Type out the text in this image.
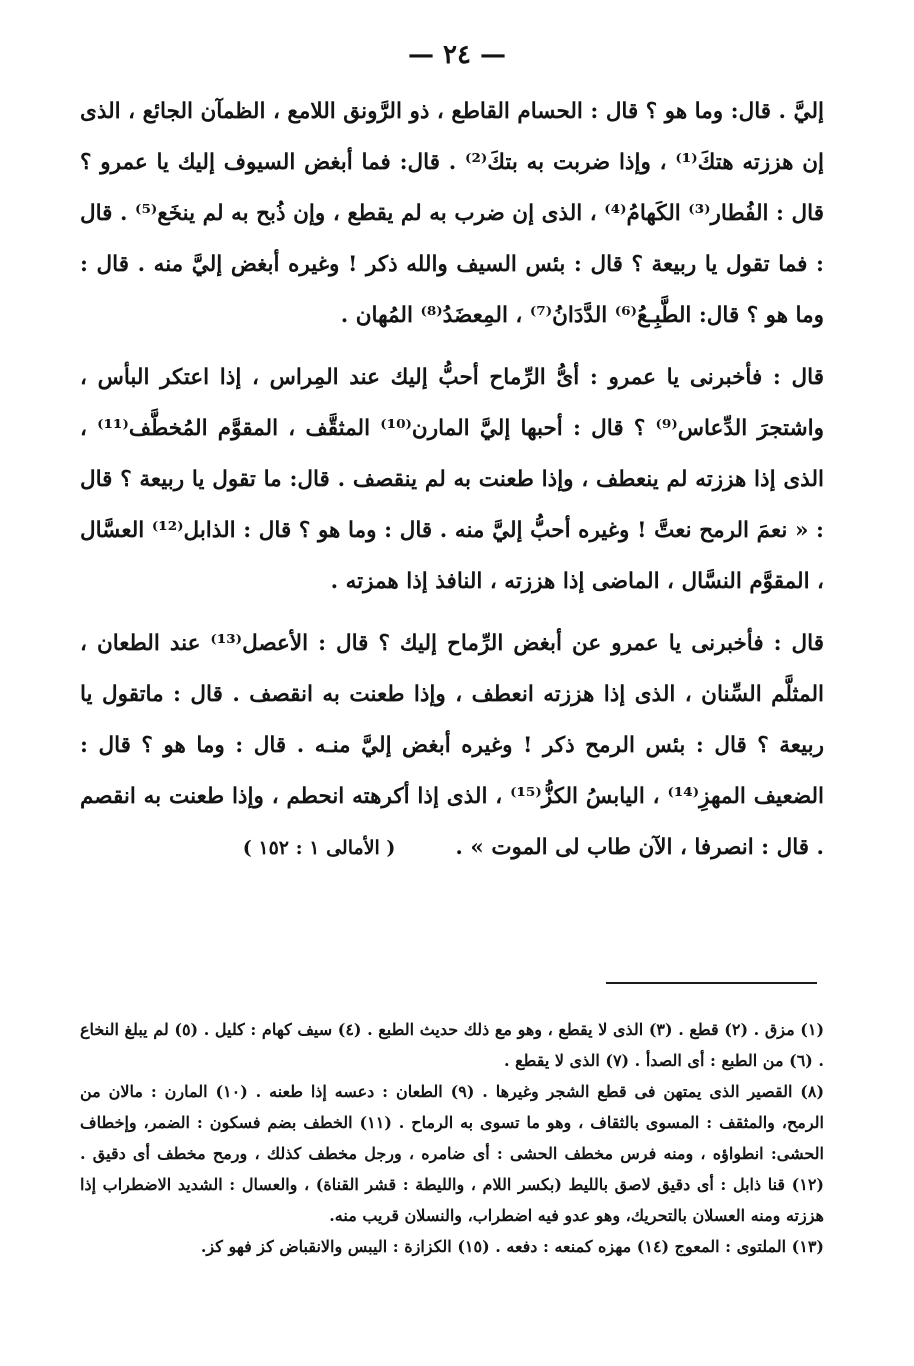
— ٢٤ —

إليَّ . قال: وما هو ؟ قال : الحسام القاطع ، ذو الرَّونق اللامع ، الظمآن الجائع ، الذى إن هززته هتكَ⁽¹⁾ ، وإذا ضربت به بتكَ⁽²⁾ . قال: فما أبغض السيوف إليك يا عمرو ؟ قال : الفُطار⁽³⁾ الكَهامُ⁽⁴⁾ ، الذى إن ضرب به لم يقطع ، وإن ذُبح به لم ينخَع⁽⁵⁾ . قال : فما تقول يا ربيعة ؟ قال : بئس السيف والله ذكر ! وغيره أبغض إليَّ منه . قال : وما هو ؟ قال: الطَّبِـعُ⁽⁶⁾ الدَّدَانُ⁽⁷⁾ ، المِعضَدُ⁽⁸⁾ المُهان .

قال : فأخبرنى يا عمرو : أىُّ الرِّماح أحبُّ إليك عند المِراس ، إذا اعتكر البأس ، واشتجرَ الدِّعاس⁽⁹⁾ ؟ قال : أحبها إليَّ المارن⁽¹⁰⁾ المثقَّف ، المقوَّم المُخطَّف⁽¹¹⁾ ، الذى إذا هززته لم ينعطف ، وإذا طعنت به لم ينقصف . قال: ما تقول يا ربيعة ؟ قال : « نعمَ الرمح نعتَّ ! وغيره أحبُّ إليَّ منه . قال : وما هو ؟ قال : الذابل⁽¹²⁾ العسَّال ، المقوَّم النسَّال ، الماضى إذا هززته ، النافذ إذا همزته .

قال : فأخبرنى يا عمرو عن أبغض الرِّماح إليك ؟ قال : الأعصل⁽¹³⁾ عند الطعان ، المثلَّم السِّنان ، الذى إذا هززته انعطف ، وإذا طعنت به انقصف . قال : ماتقول يا ربيعة ؟ قال : بئس الرمح ذكر ! وغيره أبغض إليَّ منـه . قال : وما هو ؟ قال : الضعيف المهزِ⁽¹⁴⁾ ، اليابسُ الكزُّ⁽¹⁵⁾ ، الذى إذا أكرهته انحطم ، وإذا طعنت به انقصم . قال : انصرفا ، الآن طاب لى الموت » .( الأمالى ١ : ١٥٢ )

(١) مزق . (٢) قطع . (٣) الذى لا يقطع ، وهو مع ذلك حديث الطبع . (٤) سيف كهام : كليل . (٥) لم يبلغ النخاع . (٦) من الطبع : أى الصدأ . (٧) الذى لا يقطع .

(٨) القصير الذى يمتهن فى قطع الشجر وغيرها . (٩) الطعان : دعسه إذا طعنه . (١٠) المارن : مالان من الرمح، والمثقف : المسوى بالثقاف ، وهو ما تسوى به الرماح . (١١) الخطف بضم فسكون : الضمر، وإخطاف الحشى: انطواؤه ، ومنه فرس مخطف الحشى : أى ضامره ، ورجل مخطف كذلك ، ورمح مخطف أى دقيق . (١٢) قنا ذابل : أى دقيق لاصق بالليط (بكسر اللام ، والليطة : قشر القناة) ، والعسال : الشديد الاضطراب إذا هززته ومنه العسلان بالتحريك، وهو عدو فيه اضطراب، والنسلان قريب منه.

(١٣) الملتوى : المعوج (١٤) مهزه كمنعه : دفعه . (١٥) الكزازة : اليبس والانقباض كز فهو كز.
